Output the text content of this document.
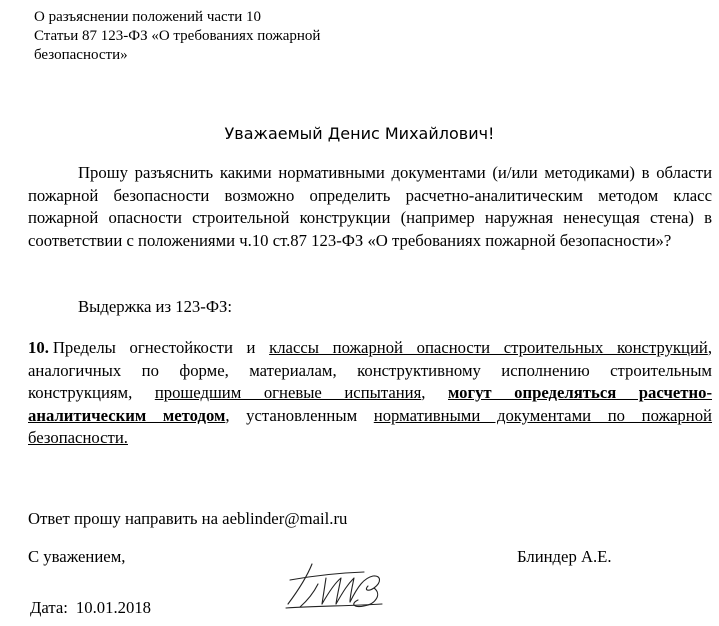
О разъяснении положений части 10
Статьи 87 123-ФЗ «О требованиях пожарной
безопасности»
Уважаемый Денис Михайлович!

Прошу разъяснить какими нормативными документами (и/или методиками) в области пожарной безопасности возможно определить расчетно-аналитическим методом класс пожарной опасности строительной конструкции (например наружная ненесущая стена) в соответствии с положениями ч.10 ст.87 123-ФЗ «О требованиях пожарной безопасности»?

Выдержка из 123-ФЗ:

10. Пределы огнестойкости и классы пожарной опасности строительных конструкций, аналогичных по форме, материалам, конструктивному исполнению строительным конструкциям, прошедшим огневые испытания, могут определяться расчетно-аналитическим методом, установленным нормативными документами по пожарной безопасности.

Ответ прошу направить на aeblinder@mail.ru
С уважением,	Блиндер А.Е.
Дата: 10.01.2018
